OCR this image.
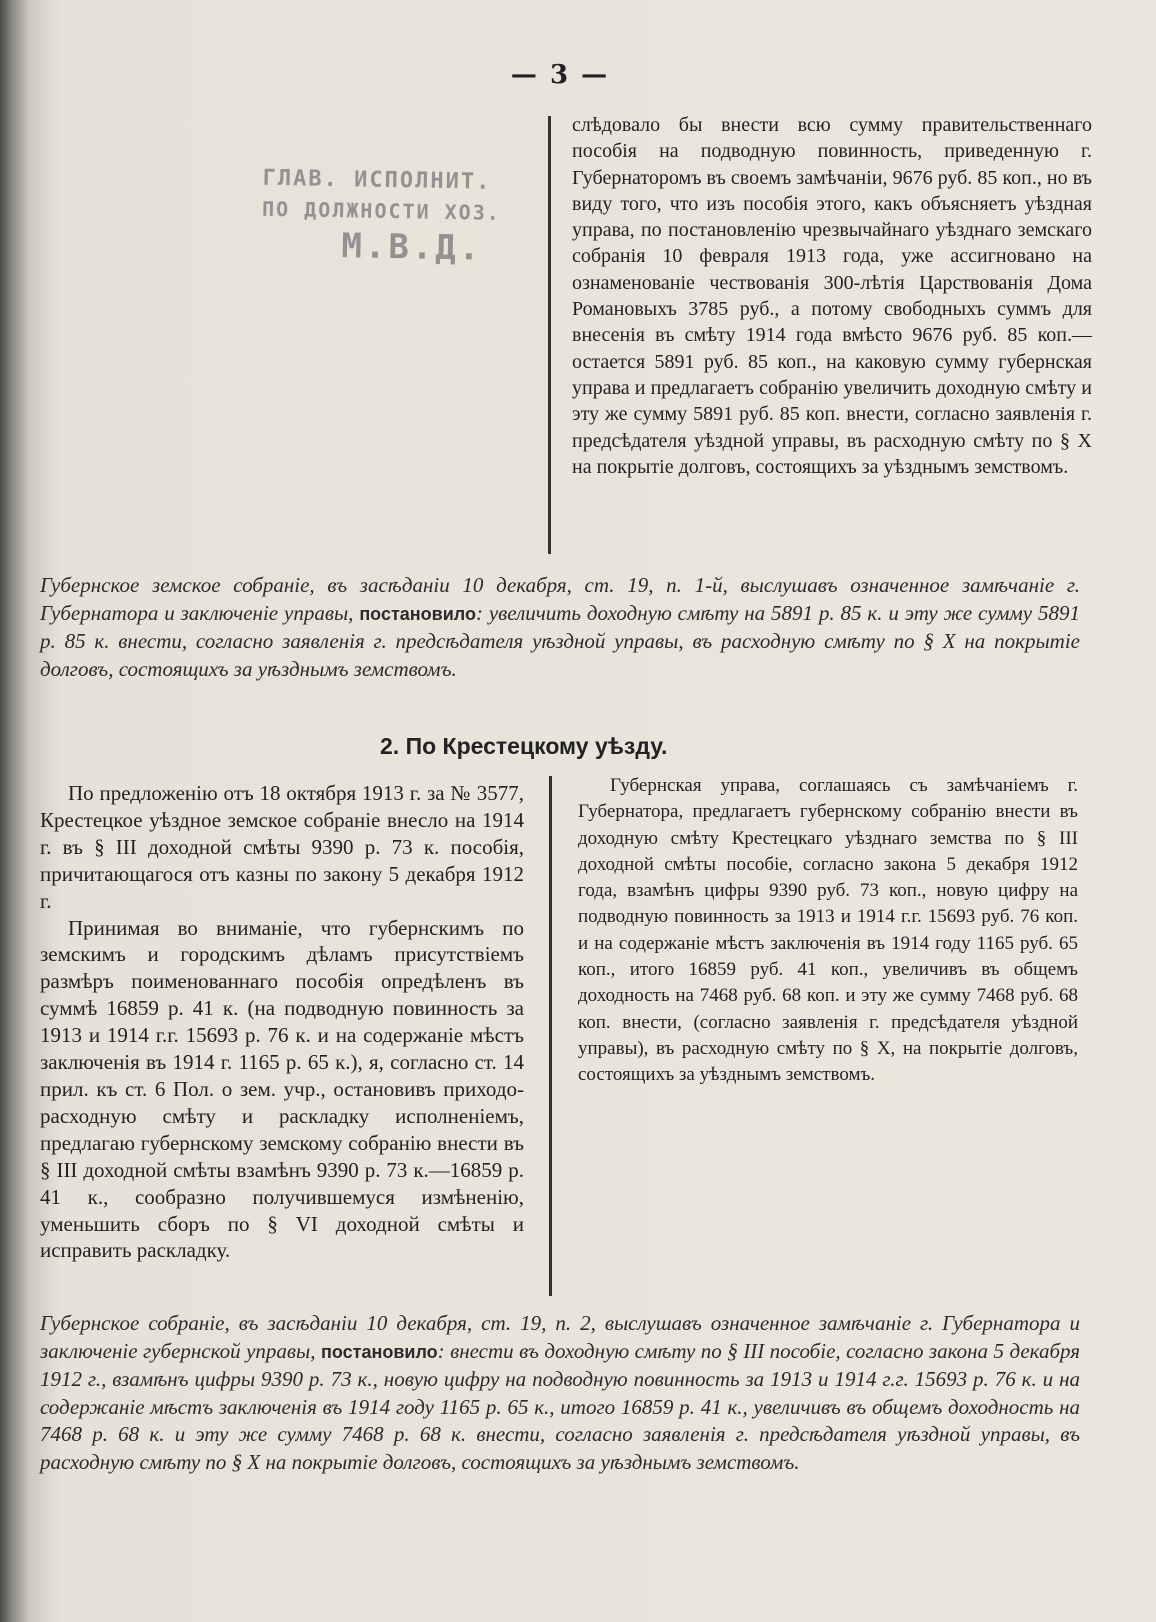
— 3 —
ГЛАВ. ИСПОЛНИТ.
ПО ДОЛЖНОСТИ ХОЗ.
М.В.Д.
слѣдовало бы внести всю сумму правительственнаго пособія на подводную повинность, приведенную г. Губернаторомъ въ своемъ замѣчаніи, 9676 руб. 85 коп., но въ виду того, что изъ пособія этого, какъ объясняетъ уѣздная управа, по постановленію чрезвычайнаго уѣзднаго земскаго собранія 10 февраля 1913 года, уже ассигновано на ознаменованіе чествованія 300-лѣтія Царствованія Дома Романовыхъ 3785 руб., а потому свободныхъ суммъ для внесенія въ смѣту 1914 года вмѣсто 9676 руб. 85 коп.—остается 5891 руб. 85 коп., на каковую сумму губернская управа и предлагаетъ собранію увеличить доходную смѣту и эту же сумму 5891 руб. 85 коп. внести, согласно заявленія г. предсѣдателя уѣздной управы, въ расходную смѣту по § X на покрытіе долговъ, состоящихъ за уѣзднымъ земствомъ.
Губернское земское собраніе, въ засѣданіи 10 декабря, ст. 19, п. 1-й, выслушавъ означенное замѣчаніе г. Губернатора и заключеніе управы, постановило: увеличить доходную смѣту на 5891 р. 85 к. и эту же сумму 5891 р. 85 к. внести, согласно заявленія г. предсѣдателя уѣздной управы, въ расходную смѣту по § X на покрытіе долговъ, состоящихъ за уѣзднымъ земствомъ.
2. По Крестецкому уѣзду.

По предложенію отъ 18 октября 1913 г. за № 3577, Крестецкое уѣздное земское собраніе внесло на 1914 г. въ § III доходной смѣты 9390 р. 73 к. пособія, причитающагося отъ казны по закону 5 декабря 1912 г.

Принимая во вниманіе, что губернскимъ по земскимъ и городскимъ дѣламъ присутствіемъ размѣръ поименованнаго пособія опредѣленъ въ суммѣ 16859 р. 41 к. (на подводную повинность за 1913 и 1914 г.г. 15693 р. 76 к. и на содержаніе мѣстъ заключенія въ 1914 г. 1165 р. 65 к.), я, согласно ст. 14 прил. къ ст. 6 Пол. о зем. учр., остановивъ приходо-расходную смѣту и раскладку исполненіемъ, предлагаю губернскому земскому собранію внести въ § III доходной смѣты взамѣнъ 9390 р. 73 к.—16859 р. 41 к., сообразно получившемуся измѣненію, уменьшить сборъ по § VI доходной смѣты и исправить раскладку.

Губернская управа, соглашаясь съ замѣчаніемъ г. Губернатора, предлагаетъ губернскому собранію внести въ доходную смѣту Крестецкаго уѣзднаго земства по § III доходной смѣты пособіе, согласно закона 5 декабря 1912 года, взамѣнъ цифры 9390 руб. 73 коп., новую цифру на подводную повинность за 1913 и 1914 г.г. 15693 руб. 76 коп. и на содержаніе мѣстъ заключенія въ 1914 году 1165 руб. 65 коп., итого 16859 руб. 41 коп., увеличивъ въ общемъ доходность на 7468 руб. 68 коп. и эту же сумму 7468 руб. 68 коп. внести, (согласно заявленія г. предсѣдателя уѣздной управы), въ расходную смѣту по § X, на покрытіе долговъ, состоящихъ за уѣзднымъ земствомъ.

Губернское собраніе, въ засѣданіи 10 декабря, ст. 19, п. 2, выслушавъ означенное замѣчаніе г. Губернатора и заключеніе губернской управы, постановило: внести въ доходную смѣту по § III пособіе, согласно закона 5 декабря 1912 г., взамѣнъ цифры 9390 р. 73 к., новую цифру на подводную повинность за 1913 и 1914 г.г. 15693 р. 76 к. и на содержаніе мѣстъ заключенія въ 1914 году 1165 р. 65 к., итого 16859 р. 41 к., увеличивъ въ общемъ доходность на 7468 р. 68 к. и эту же сумму 7468 р. 68 к. внести, согласно заявленія г. предсѣдателя уѣздной управы, въ расходную смѣту по § X на покрытіе долговъ, состоящихъ за уѣзднымъ земствомъ.
